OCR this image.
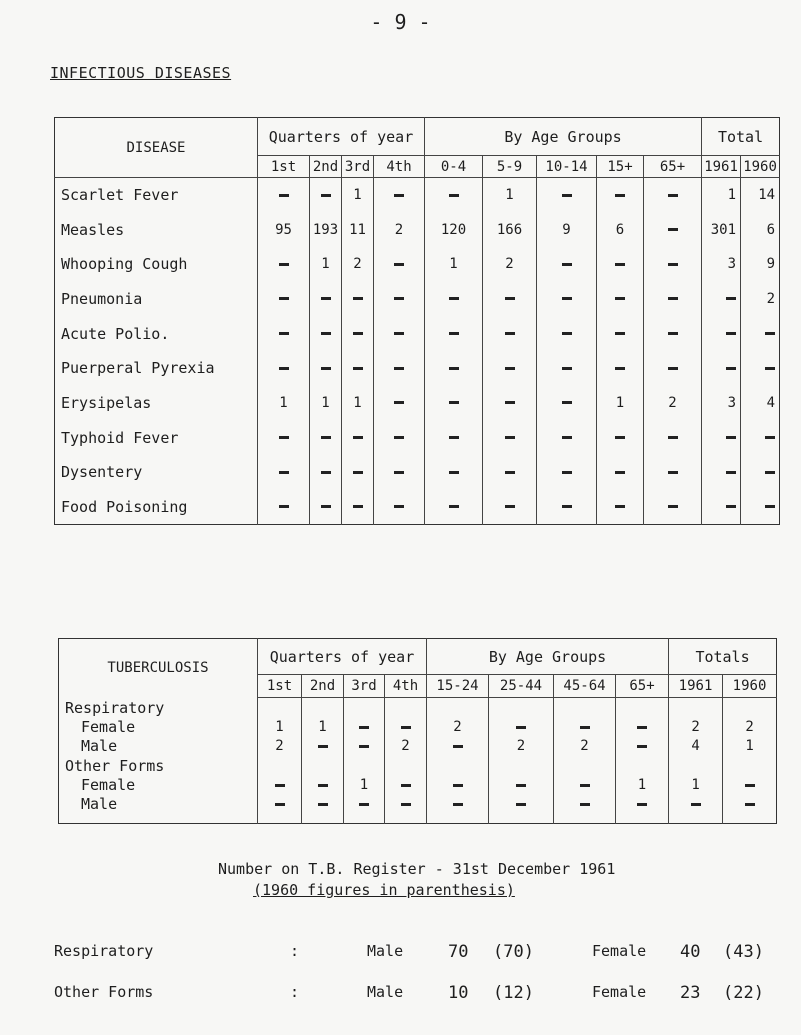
- 9 -
INFECTIOUS DISEASES
DISEASE	Quarters of year				By Age Groups					Total	
	1st	2nd	3rd	4th	0-4	5-9	10-14	15+	65+	1961	1960
Scarlet Fever			1			1				1	14
Measles	95	193	11	2	120	166	9	6		301	6
Whooping Cough		1	2		1	2				3	9
Pneumonia											2
Acute Polio.											
Puerperal Pyrexia											
Erysipelas	1	1	1					1	2	3	4
Typhoid Fever											
Dysentery											
Food Poisoning											
TUBERCULOSIS	Quarters of year				By Age Groups				Totals	
	1st	2nd	3rd	4th	15-24	25-44	45-64	65+	1961	1960
Respiratory										
Female	1	1			2				2	2
Male	2			2		2	2		4	1
Other Forms										
Female			1					1	1	
Male										

Number on T.B. Register - 31st December 1961
(1960 figures in parenthesis)
Respiratory	:	Male	70 (70)	Female 40 (43)
Other Forms	:	Male	10 (12)	Female 23 (22)
